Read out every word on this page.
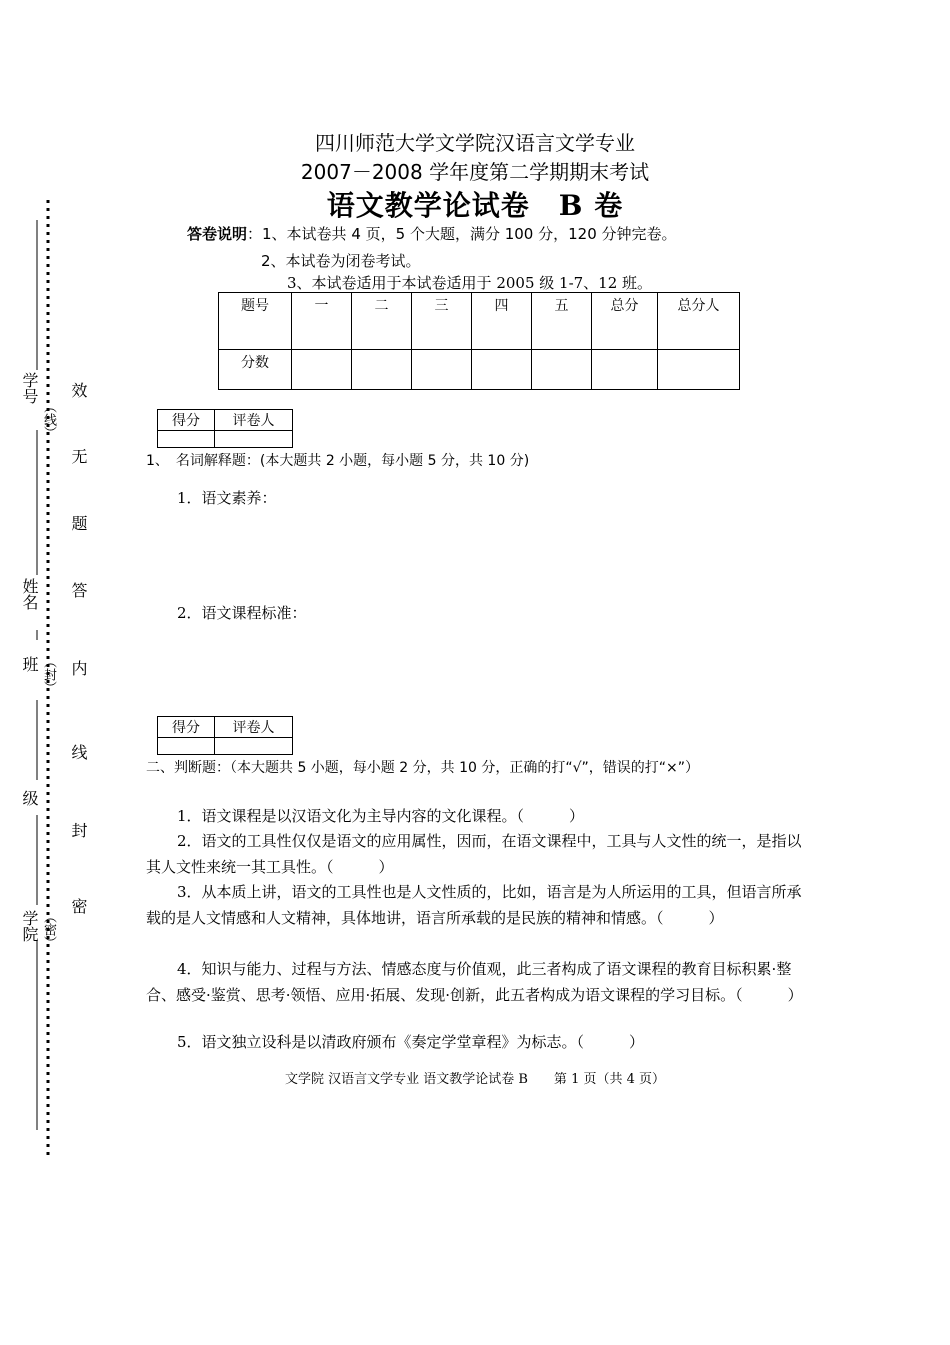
学号
姓名
班
级
学院
（线）
（封）
（密）
效
无
题
答
内
线
封
密
四川师范大学文学院汉语言文学专业
2007－2008 学年度第二学期期末考试
语文教学论试卷　B 卷
答卷说明：1、本试卷共 4 页，5 个大题，满分 100 分，120 分钟完卷。
2、本试卷为闭卷考试。
3、本试卷适用于本试卷适用于 2005 级 1-7、12 班。
题号	一	二	三	四	五	总分	总分人
分数							
得分	评卷人

1、　名词解释题：(本大题共 2 小题，每小题 5 分，共 10 分)
1．语文素养：
2．语文课程标准：
得分	评卷人

二、判断题：（本大题共 5 小题，每小题 2 分，共 10 分，正确的打“√”，错误的打“×”）
1．语文课程是以汉语文化为主导内容的文化课程。（　　　）
2．语文的工具性仅仅是语文的应用属性，因而，在语文课程中，工具与人文性的统一，是指以其人文性来统一其工具性。（　　　）
3．从本质上讲，语文的工具性也是人文性质的，比如，语言是为人所运用的工具，但语言所承载的是人文情感和人文精神，具体地讲，语言所承载的是民族的精神和情感。（　　　）
4．知识与能力、过程与方法、情感态度与价值观，此三者构成了语文课程的教育目标积累·整合、感受·鉴赏、思考·领悟、应用·拓展、发现·创新，此五者构成为语文课程的学习目标。（　　　）
5．语文独立设科是以清政府颁布《奏定学堂章程》为标志。（　　　）
文学院 汉语言文学专业 语文教学论试卷 B　　第 1 页（共 4 页）
